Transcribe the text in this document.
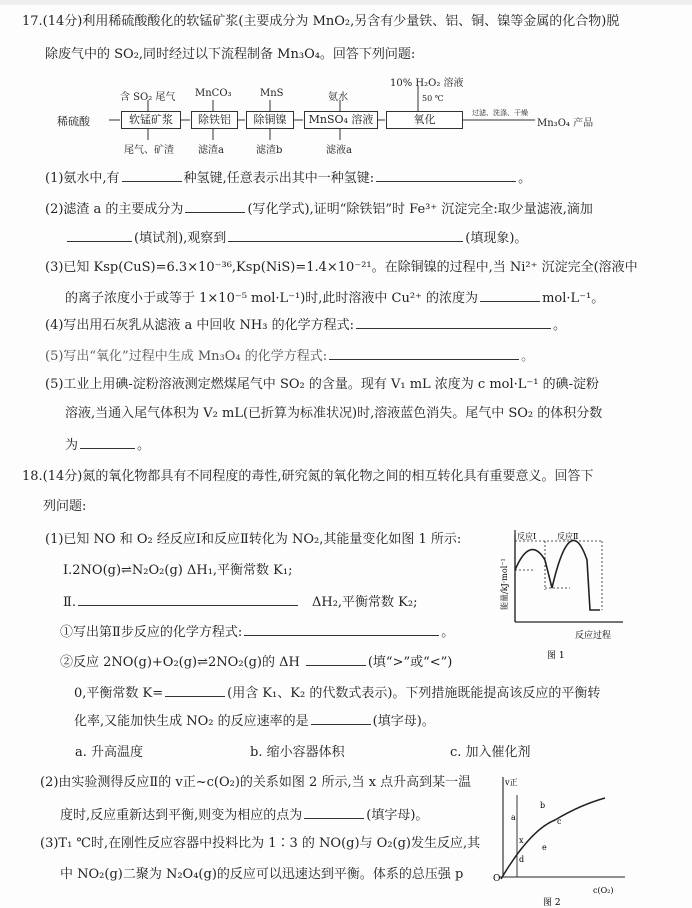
17.(14分)利用稀硫酸酸化的软锰矿浆(主要成分为 MnO₂,另含有少量铁、铝、铜、镍等金属的化合物)脱
除废气中的 SO₂,同时经过以下流程制备 Mn₃O₄。回答下列问题:
稀硫酸	软锰矿浆	除铁铝	除铜镍	MnSO₄ 溶液	氧化
含 SO₂ 尾气 MnCO₃	MnS	氨水
10% H₂O₂ 溶液
50 ℃
尾气、矿渣 滤渣a	滤渣b	滤液a
过滤、洗涤、干燥
Mn₃O₄ 产品
(1)氨水中,有	种氢键,任意表示出其中一种氢键:	。
(2)滤渣 a 的主要成分为	(写化学式),证明“除铁铝”时 Fe³⁺ 沉淀完全:取少量滤液,滴加
(填试剂),观察到	(填现象)。
(3)已知 Ksp(CuS)=6.3×10⁻³⁶,Ksp(NiS)=1.4×10⁻²¹。在除铜镍的过程中,当 Ni²⁺ 沉淀完全(溶液中
的离子浓度小于或等于 1×10⁻⁵ mol·L⁻¹)时,此时溶液中 Cu²⁺ 的浓度为	mol·L⁻¹。
(4)写出用石灰乳从滤液 a 中回收 NH₃ 的化学方程式:	。
(5)写出“氧化”过程中生成 Mn₃O₄ 的化学方程式:	。
(5)工业上用碘-淀粉溶液测定燃煤尾气中 SO₂ 的含量。现有 V₁ mL 浓度为 c mol·L⁻¹ 的碘-淀粉
溶液,当通入尾气体积为 V₂ mL(已折算为标准状况)时,溶液蓝色消失。尾气中 SO₂ 的体积分数
为	。
18.(14分)氮的氧化物都具有不同程度的毒性,研究氮的氧化物之间的相互转化具有重要意义。回答下
列问题:
(1)已知 NO 和 O₂ 经反应Ⅰ和反应Ⅱ转化为 NO₂,其能量变化如图 1 所示:
Ⅰ.2NO(g)⇌N₂O₂(g) ΔH₁,平衡常数 K₁;
Ⅱ.	ΔH₂,平衡常数 K₂;
①写出第Ⅱ步反应的化学方程式:	。
②反应 2NO(g)+O₂(g)⇌2NO₂(g)的 ΔH	(填“>”或“<”)
0,平衡常数 K=	(用含 K₁、K₂ 的代数式表示)。下列措施既能提高该反应的平衡转
化率,又能加快生成 NO₂ 的反应速率的是	(填字母)。
a. 升高温度	b. 缩小容器体积	c. 加入催化剂
(2)由实验测得反应Ⅱ的 v正~c(O₂)的关系如图 2 所示,当 x 点升高到某一温
度时,反应重新达到平衡,则变为相应的点为	(填字母)。
(3)T₁ ℃时,在刚性反应容器中投料比为 1∶3 的 NO(g)与 O₂(g)发生反应,其
中 NO₂(g)二聚为 N₂O₄(g)的反应可以迅速达到平衡。体系的总压强 p
反应Ⅰ	反应Ⅱ
能量/kJ·mol⁻¹
反应过程
图 1
v正
c(O₂)
O
a
b
c
x
d
e
图 2
